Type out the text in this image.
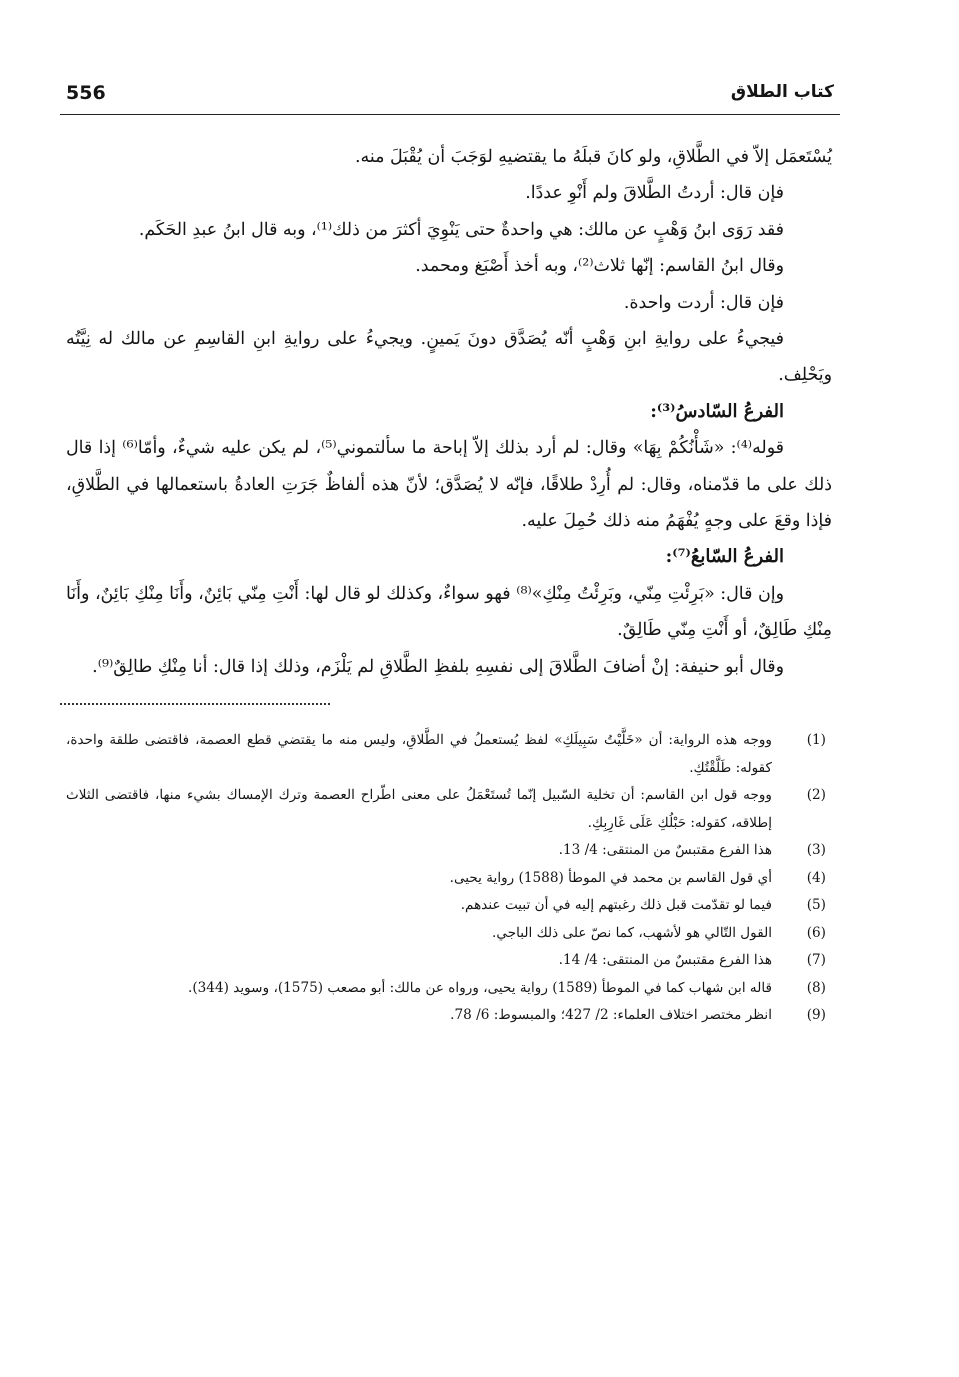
556	كتاب الطلاق

يُسْتَعمَل إلاّ في الطَّلاقِ، ولو كانَ قبلَهُ ما يقتضيهِ لوَجَبَ أن يُقْبَلَ منه.

فإن قال: أردتُ الطَّلاقَ ولم أَنْوِ عددًا.

فقد رَوَى ابنُ وَهْبٍ عن مالك: هي واحدةٌ حتى يَنْوِيَ أكثرَ من ذلك⁽¹⁾، وبه قال ابنُ عبدِ الحَكَم.

وقال ابنُ القاسم: إنّها ثلاث⁽²⁾، وبه أخذ أَصْبَغ ومحمد.

فإن قال: أردت واحدة.

فيجيءُ على روايةِ ابنِ وَهْبٍ أنّه يُصَدَّق دونَ يَمينٍ. ويجيءُ على روايةِ ابنِ القاسِمِ عن مالك له نِيَّتُه ويَحْلِف.

الفرعُ السّادسُ⁽³⁾:

قوله⁽⁴⁾: «شَأْنُكُمْ بِهَا» وقال: لم أرد بذلك إلاّ إباحة ما سألتموني⁽⁵⁾، لم يكن عليه شيءٌ، وأمّا⁽⁶⁾ إذا قال ذلك على ما قدّمناه، وقال: لم أُرِدْ طلاقًا، فإنّه لا يُصَدَّق؛ لأنّ هذه ألفاظٌ جَرَتِ العادةُ باستعمالها في الطَّلاقِ، فإذا وقعَ على وجهٍ يُفْهَمُ منه ذلك حُمِلَ عليه.

الفرعُ السّابعُ⁽⁷⁾:

وإن قال: «بَرِئْتِ مِنّي، وبَرِئْتُ مِنْكِ»⁽⁸⁾ فهو سواءٌ، وكذلك لو قال لها: أَنْتِ مِنّي بَائِنٌ، وأَنَا مِنْكِ بَائِنٌ، وأَنَا مِنْكِ طَالِقٌ، أو أَنْتِ مِنّي طَالِقٌ.

وقال أبو حنيفة: إنْ أضافَ الطَّلاقَ إلى نفسِهِ بلفظِ الطَّلاقِ لم يَلْزَم، وذلك إذا قال: أنا مِنْكِ طالِقٌ⁽⁹⁾.

(1)
ووجه هذه الرواية: أن «خَلَّيْتُ سَبِيلَكِ» لفظ يُستعملُ في الطَّلاقِ، وليس منه ما يقتضي قطع العصمة، فاقتضى طلقة واحدة، كقوله: طَلَّقْتُكِ.
(2)
ووجه قول ابن القاسم: أن تخلية السّبيل إنّما تُستَعْمَلُ على معنى اطّراح العصمة وترك الإمساك بشيء منها، فاقتضى الثلاث إطلاقه، كقوله: حَبْلُكِ عَلَى غَارِبِكِ.
(3)
هذا الفرع مقتبسٌ من المنتقى: 4/ 13.
(4)
أي قول القاسم بن محمد في الموطأ (1588) رواية يحيى.
(5)
فيما لو تقدّمت قبل ذلك رغبتهم إليه في أن تبيت عندهم.
(6)
القول التّالي هو لأشهب، كما نصّ على ذلك الباجي.
(7)
هذا الفرع مقتبسٌ من المنتقى: 4/ 14.
(8)
قاله ابن شهاب كما في الموطأ (1589) رواية يحيى، ورواه عن مالك: أبو مصعب (1575)، وسويد (344).
(9)
انظر مختصر اختلاف العلماء: 2/ 427؛ والمبسوط: 6/ 78.
